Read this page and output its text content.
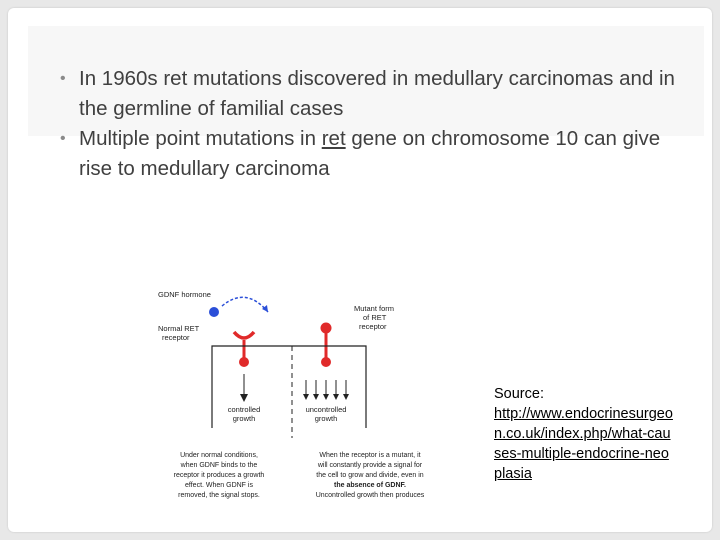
• In 1960s ret mutations discovered in medullary carcinomas and in the germline of familial cases
• Multiple point mutations in ret gene on chromosome 10 can give rise to medullary carcinoma
GDNF hormone
Normal RET
receptor
Mutant form
of RET
receptor
controlled
growth
uncontrolled
growth
Under normal conditions,
when GDNF binds to the
receptor it produces a growth
effect. When GDNF is
removed, the signal stops.
When the receptor is a mutant, it
will constantly provide a signal for
the cell to grow and divide, even in
the absence of GDNF.
Uncontrolled growth then produces
Source:
http://www.endocrinesurgeon.co.uk/index.php/what-causes-multiple-endocrine-neoplasia
